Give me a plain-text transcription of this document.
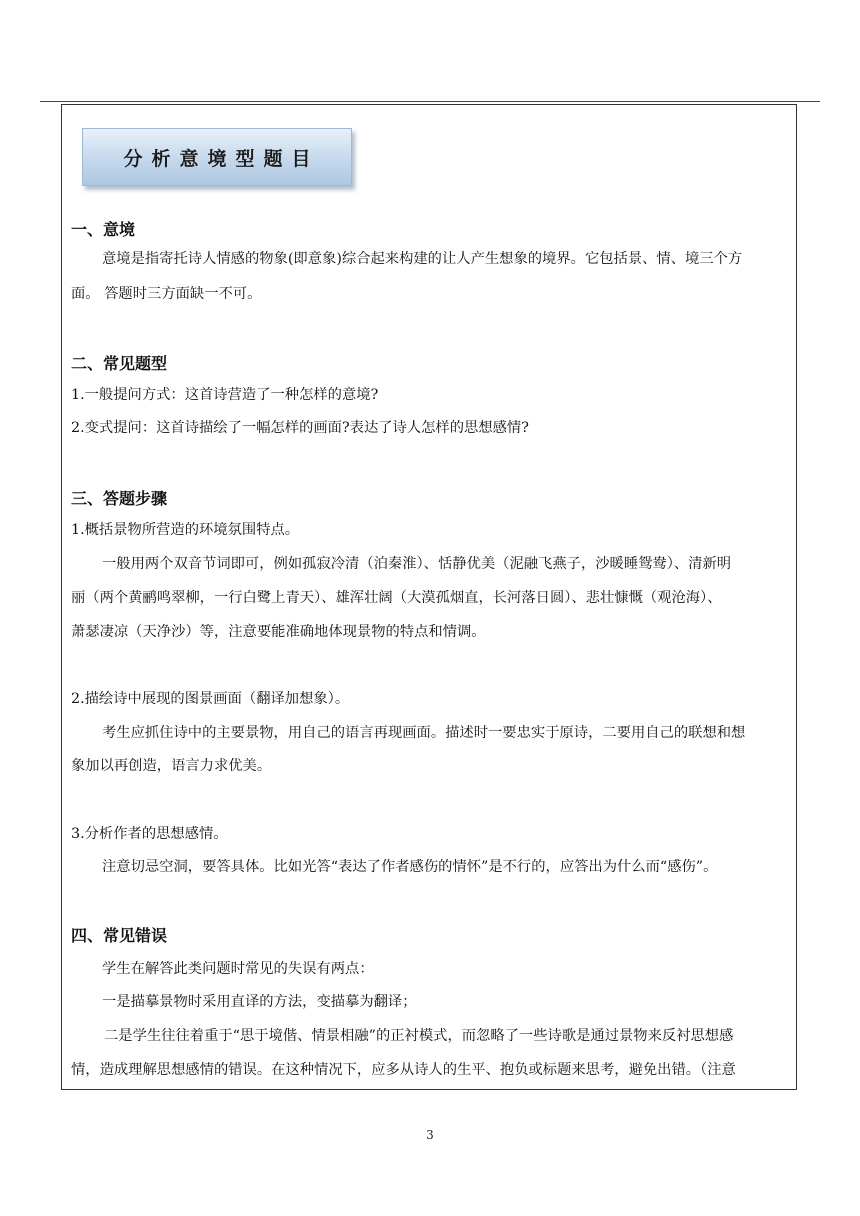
分析意境型题目
一、意境
意境是指寄托诗人情感的物象(即意象)综合起来构建的让人产生想象的境界。它包括景、情、境三个方
面。 答题时三方面缺一不可。
二、常见题型
1.一般提问方式：这首诗营造了一种怎样的意境?
2.变式提问：这首诗描绘了一幅怎样的画面?表达了诗人怎样的思想感情?
三、答题步骤
1.概括景物所营造的环境氛围特点。
一般用两个双音节词即可，例如孤寂冷清（泊秦淮）、恬静优美（泥融飞燕子，沙暖睡鸳鸯）、清新明
丽（两个黄鹂鸣翠柳，一行白鹭上青天）、雄浑壮阔（大漠孤烟直，长河落日圆）、悲壮慷慨（观沧海）、
萧瑟凄凉（天净沙）等，注意要能准确地体现景物的特点和情调。
2.描绘诗中展现的图景画面（翻译加想象）。
考生应抓住诗中的主要景物，用自己的语言再现画面。描述时一要忠实于原诗，二要用自己的联想和想
象加以再创造，语言力求优美。
3.分析作者的思想感情。
注意切忌空洞，要答具体。比如光答“表达了作者感伤的情怀”是不行的，应答出为什么而“感伤”。
四、常见错误
学生在解答此类问题时常见的失误有两点：
一是描摹景物时采用直译的方法，变描摹为翻译；
二是学生往往着重于“思于境偕、情景相融”的正衬模式，而忽略了一些诗歌是通过景物来反衬思想感
情，造成理解思想感情的错误。在这种情况下，应多从诗人的生平、抱负或标题来思考，避免出错。（注意
3
